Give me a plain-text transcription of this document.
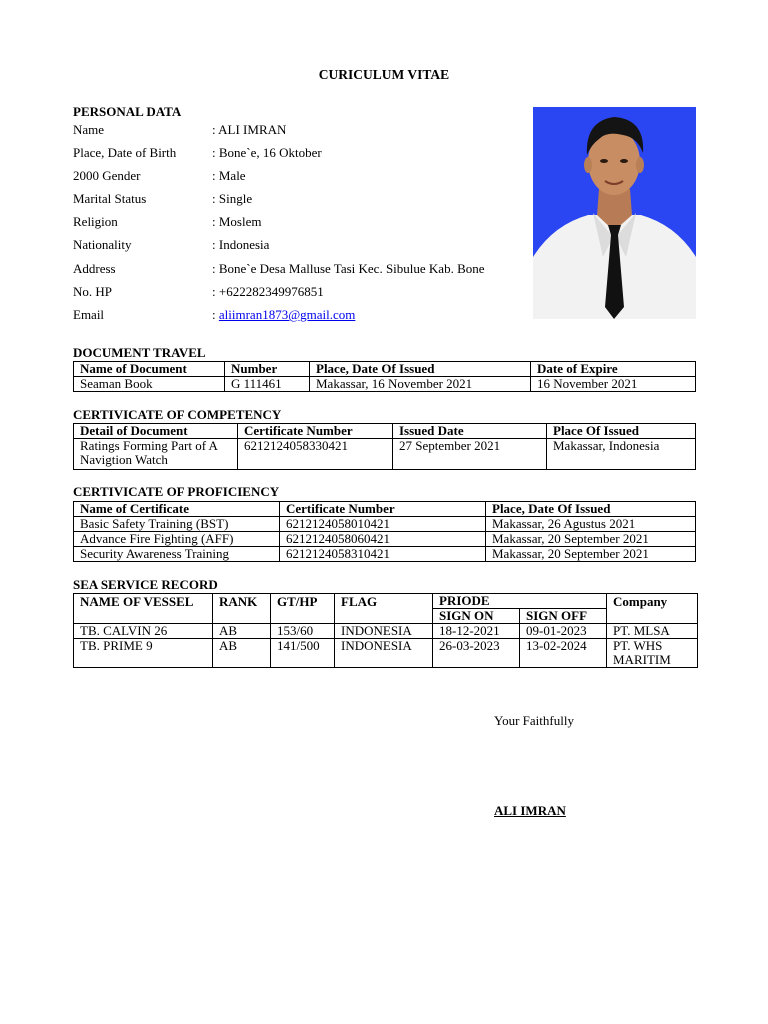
CURICULUM VITAE
PERSONAL DATA
Name	: ALI IMRAN
Place, Date of Birth	: Bone`e, 16 Oktober
2000 Gender	: Male
Marital Status	: Single
Religion	: Moslem
Nationality	: Indonesia
Address	: Bone`e Desa Malluse Tasi Kec. Sibulue Kab. Bone
No. HP	: +622282349976851
Email	: aliimran1873@gmail.com
DOCUMENT TRAVEL
Name of Document	Number	Place, Date Of Issued	Date of Expire
Seaman Book	G 111461	Makassar, 16 November 2021	16 November 2021
CERTIVICATE OF COMPETENCY
Detail of Document	Certificate Number	Issued Date	Place Of Issued
Ratings Forming Part of A Navigtion Watch	6212124058330421	27 September 2021	Makassar, Indonesia
CERTIVICATE OF PROFICIENCY
Name of Certificate	Certificate Number	Place, Date Of Issued
Basic Safety Training (BST)	6212124058010421	Makassar, 26 Agustus 2021
Advance Fire Fighting (AFF)	6212124058060421	Makassar, 20 September 2021
Security Awareness Training	6212124058310421	Makassar, 20 September 2021
SEA SERVICE RECORD
NAME OF VESSEL	RANK	GT/HP	FLAG	PRIODE		Company
				SIGN ON	SIGN OFF	
TB. CALVIN 26	AB	153/60	INDONESIA	18-12-2021	09-01-2023	PT. MLSA
TB. PRIME 9	AB	141/500	INDONESIA	26-03-2023	13-02-2024	PT. WHS MARITIM
Your Faithfully
ALI IMRAN
